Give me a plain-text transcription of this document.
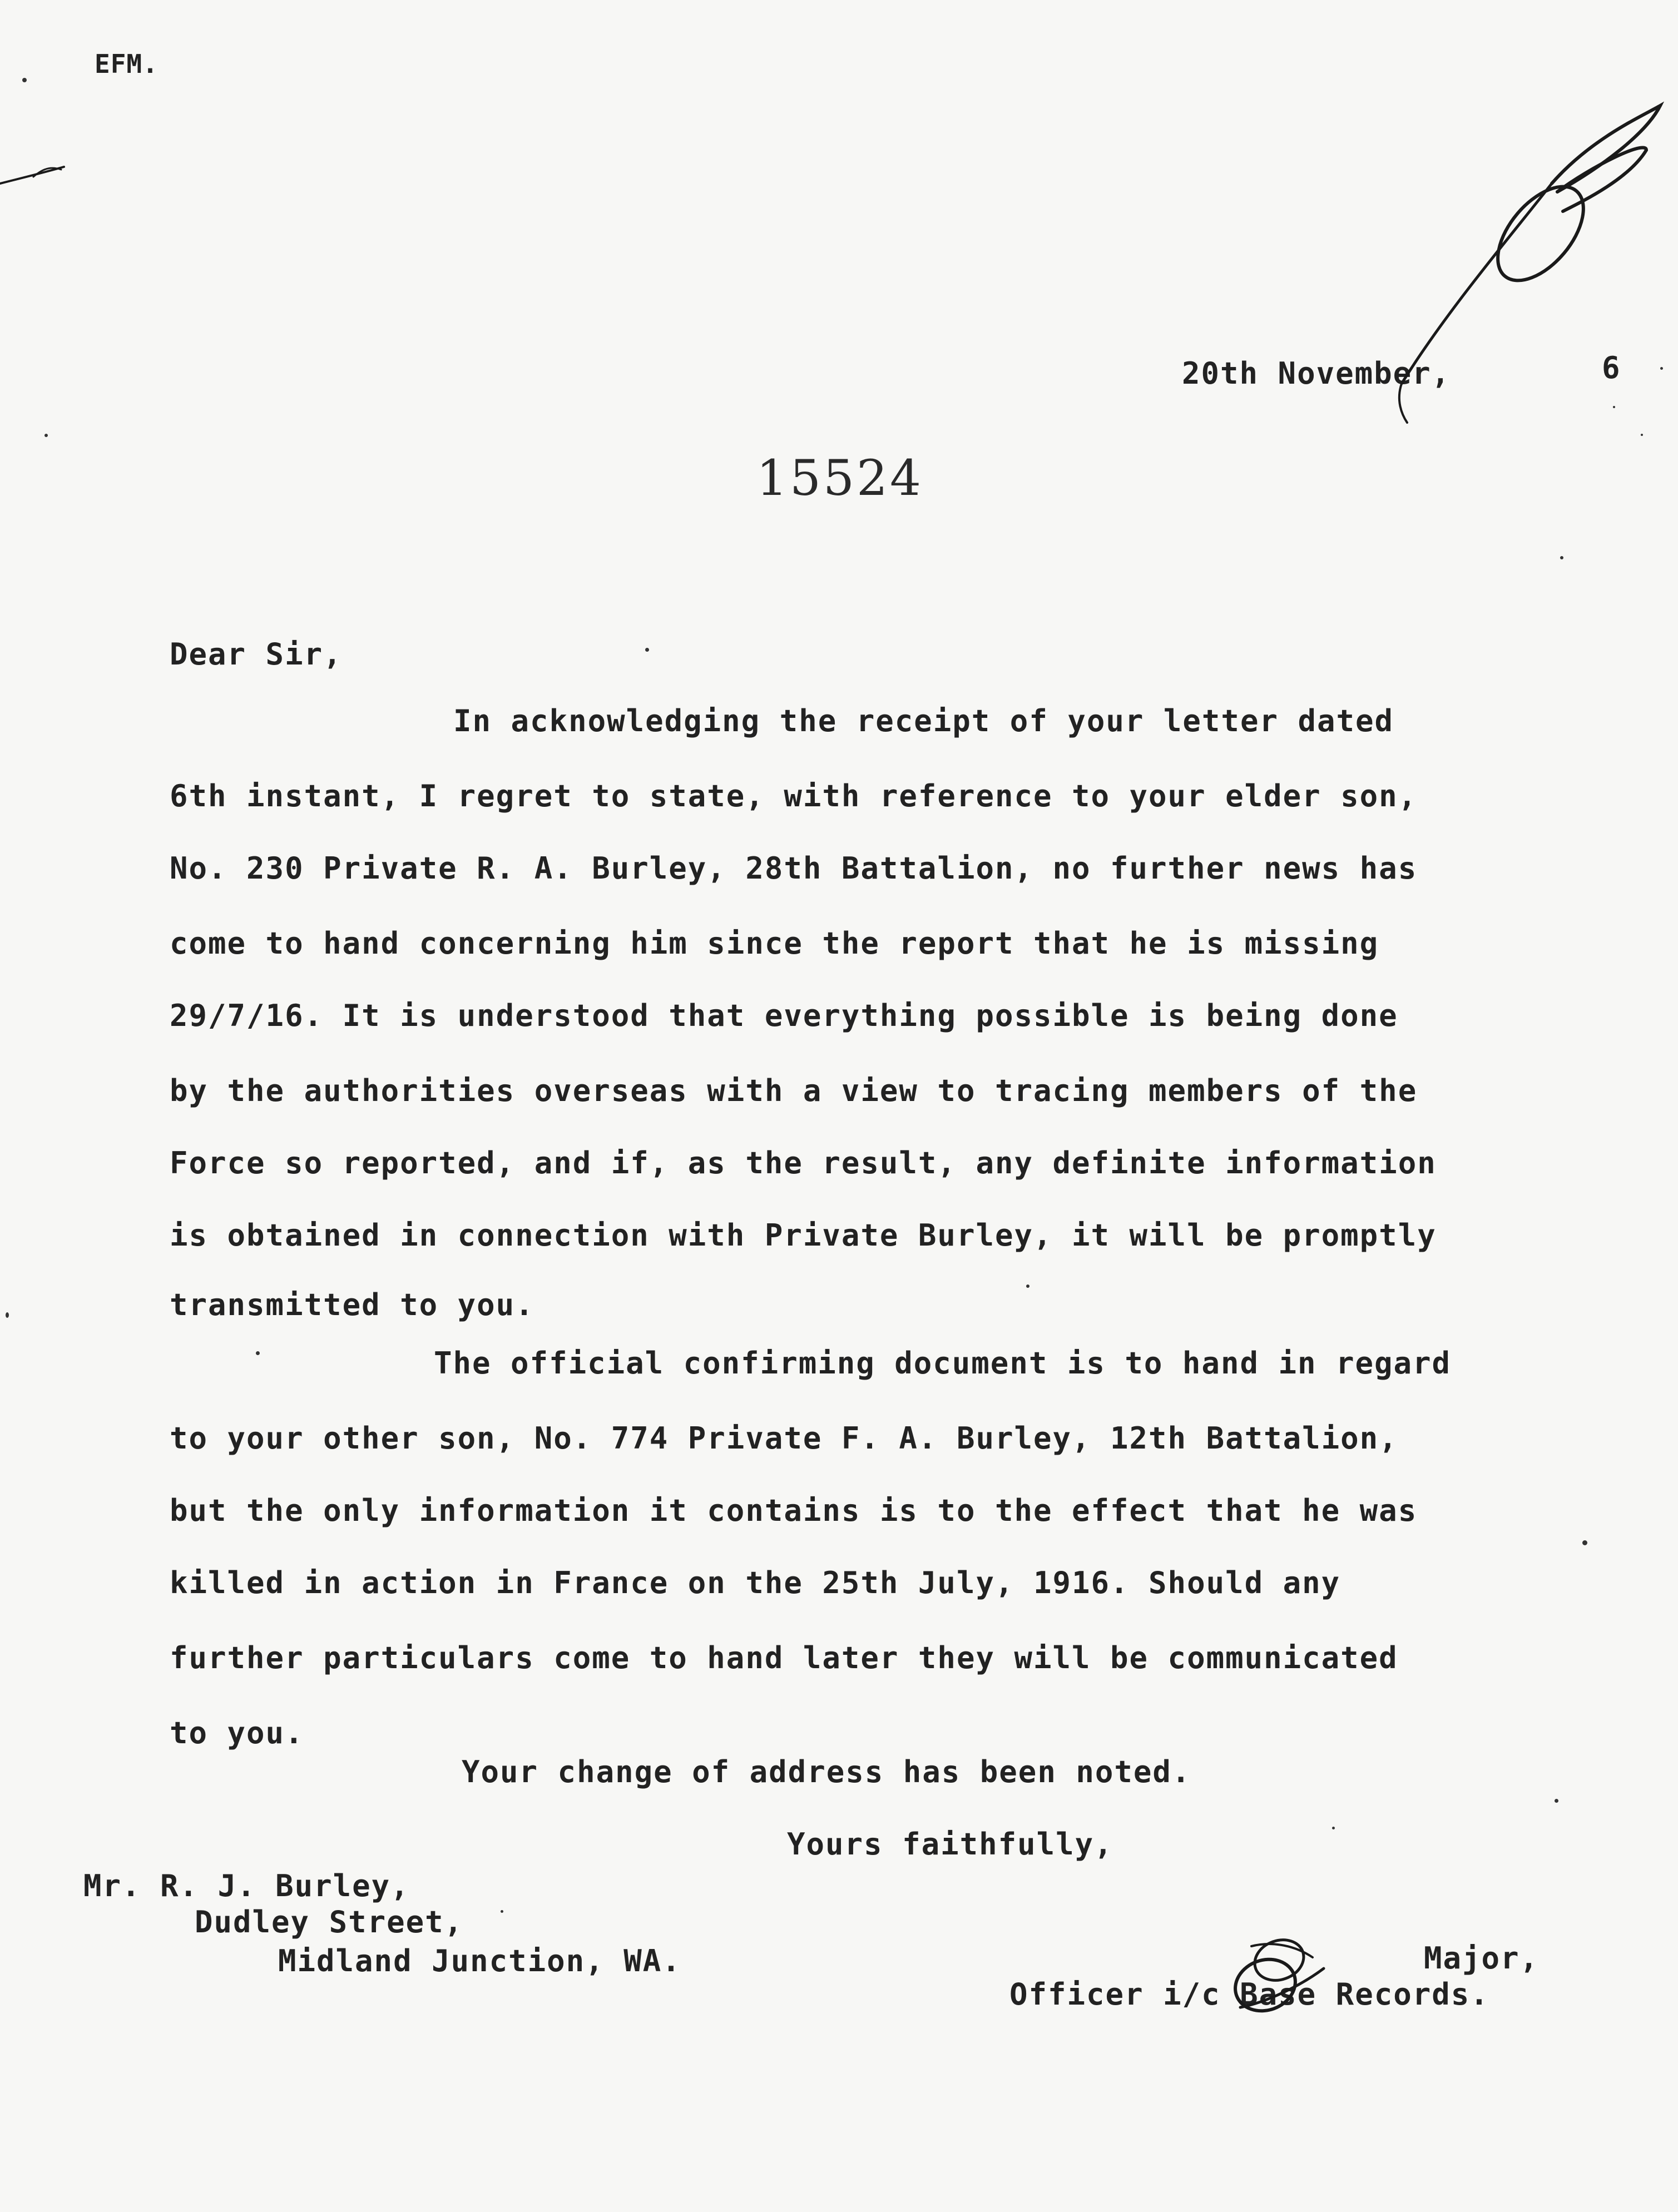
EFM.
20th November,	6
15524
Dear Sir,
In acknowledging the receipt of your letter dated
6th instant, I regret to state, with reference to your elder son,
No. 230 Private R. A. Burley, 28th Battalion, no further news has
come to hand concerning him since the report that he is missing
29/7/16. It is understood that everything possible is being done
by the authorities overseas with a view to tracing members of the
Force so reported, and if, as the result, any definite information
is obtained in connection with Private Burley, it will be promptly
transmitted to you.
The official confirming document is to hand in regard
to your other son, No. 774 Private F. A. Burley, 12th Battalion,
but the only information it contains is to the effect that he was
killed in action in France on the 25th July, 1916. Should any
further particulars come to hand later they will be communicated
to you.
Your change of address has been noted.
Yours faithfully,
Mr. R. J. Burley,
Dudley Street,
Midland Junction, WA.	Major,
Officer i/c Base Records.
